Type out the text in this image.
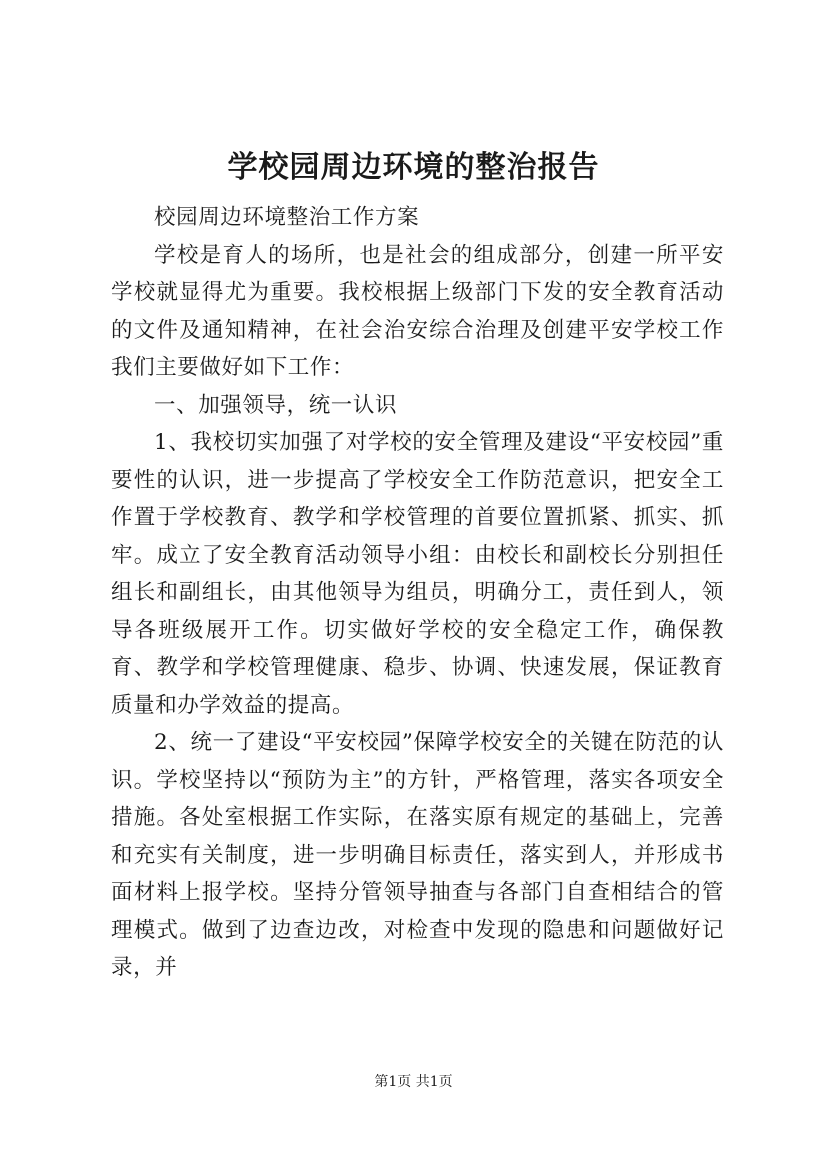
学校园周边环境的整治报告

校园周边环境整治工作方案

学校是育人的场所，也是社会的组成部分，创建一所平安学校就显得尤为重要。我校根据上级部门下发的安全教育活动的文件及通知精神，在社会治安综合治理及创建平安学校工作我们主要做好如下工作：

一、加强领导，统一认识

1、我校切实加强了对学校的安全管理及建设“平安校园”重要性的认识，进一步提高了学校安全工作防范意识，把安全工作置于学校教育、教学和学校管理的首要位置抓紧、抓实、抓牢。成立了安全教育活动领导小组：由校长和副校长分别担任组长和副组长，由其他领导为组员，明确分工，责任到人，领导各班级展开工作。切实做好学校的安全稳定工作，确保教育、教学和学校管理健康、稳步、协调、快速发展，保证教育质量和办学效益的提高。

2、统一了建设“平安校园”保障学校安全的关键在防范的认识。学校坚持以“预防为主”的方针，严格管理，落实各项安全措施。各处室根据工作实际，在落实原有规定的基础上，完善和充实有关制度，进一步明确目标责任，落实到人，并形成书面材料上报学校。坚持分管领导抽查与各部门自查相结合的管理模式。做到了边查边改，对检查中发现的隐患和问题做好记录，并

第1页 共1页
